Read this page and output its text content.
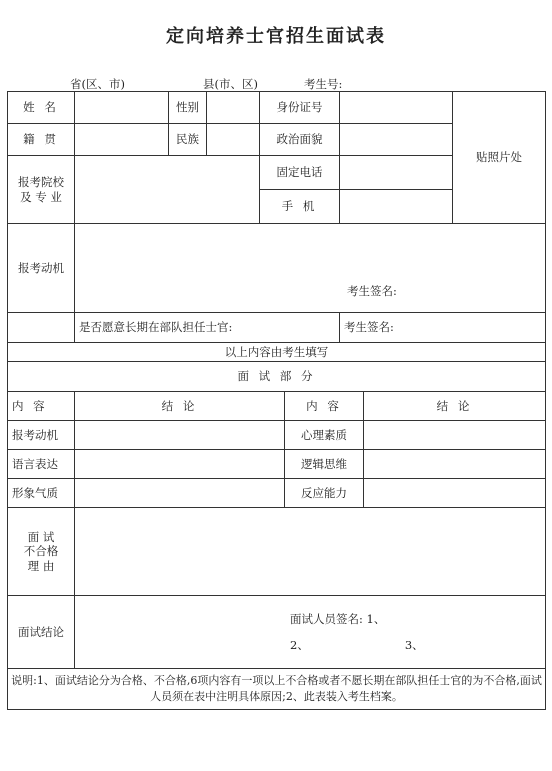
定向培养士官招生面试表
省(区、市)	县(市、区)	考生号:
姓 名		性别		身份证号				贴照片处
籍 贯		民族		政治面貌				

报考院校
及 专 业				固定电话				
				手 机				
报考动机	考生签名:							
	是否愿意长期在部队担任士官:					考生签名:		
以上内容由考生填写								
面 试 部 分								
内 容	结 论				内 容		结 论	
报考动机					心理素质			
语言表达					逻辑思维			
形象气质					反应能力			

面 试
不合格
理 由								

面试结论	面试人员签名: 1、
2、 3、							

说明:1、面试结论分为合格、不合格,6项内容有一项以上不合格或者不愿长期在部队担任士官的为不合格,面试人员须在表中注明具体原因;2、此表装入考生档案。								
